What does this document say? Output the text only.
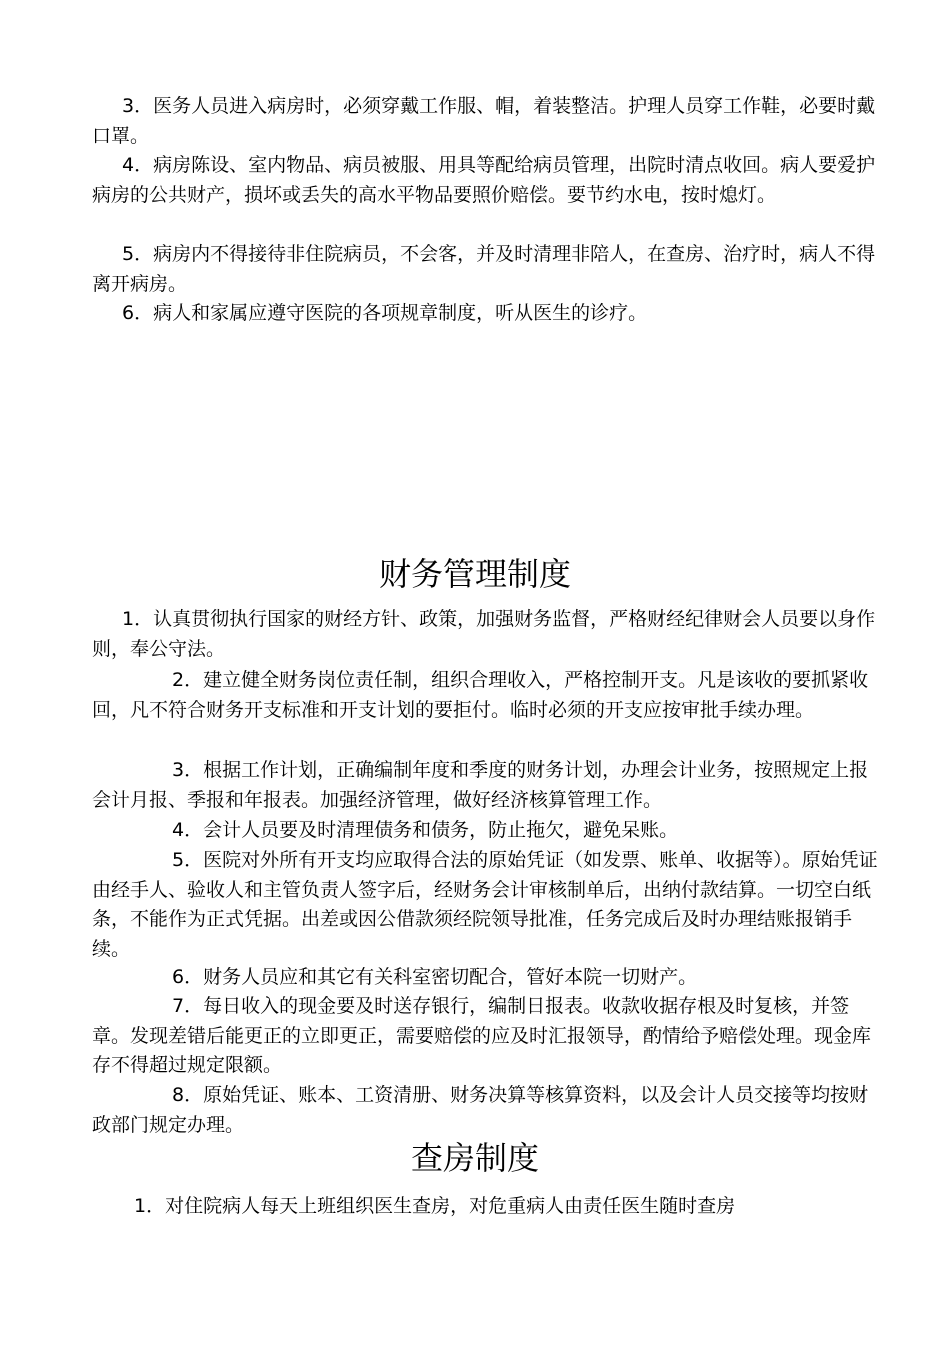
3．医务人员进入病房时，必须穿戴工作服、帽，着装整洁。护理人员穿工作鞋，必要时戴口罩。

4．病房陈设、室内物品、病员被服、用具等配给病员管理，出院时清点收回。病人要爱护病房的公共财产，损坏或丢失的高水平物品要照价赔偿。要节约水电，按时熄灯。

5．病房内不得接待非住院病员，不会客，并及时清理非陪人，在查房、治疗时，病人不得离开病房。

6．病人和家属应遵守医院的各项规章制度，听从医生的诊疗。

财务管理制度

1．认真贯彻执行国家的财经方针、政策，加强财务监督，严格财经纪律财会人员要以身作则，奉公守法。

2．建立健全财务岗位责任制，组织合理收入，严格控制开支。凡是该收的要抓紧收回，凡不符合财务开支标准和开支计划的要拒付。临时必须的开支应按审批手续办理。

3．根据工作计划，正确编制年度和季度的财务计划，办理会计业务，按照规定上报会计月报、季报和年报表。加强经济管理，做好经济核算管理工作。

4．会计人员要及时清理债务和债务，防止拖欠，避免呆账。

5．医院对外所有开支均应取得合法的原始凭证（如发票、账单、收据等）。原始凭证由经手人、验收人和主管负责人签字后，经财务会计审核制单后，出纳付款结算。一切空白纸条，不能作为正式凭据。出差或因公借款须经院领导批准，任务完成后及时办理结账报销手续。

6．财务人员应和其它有关科室密切配合，管好本院一切财产。

7．每日收入的现金要及时送存银行，编制日报表。收款收据存根及时复核，并签章。发现差错后能更正的立即更正，需要赔偿的应及时汇报领导，酌情给予赔偿处理。现金库存不得超过规定限额。

8．原始凭证、账本、工资清册、财务决算等核算资料，以及会计人员交接等均按财政部门规定办理。

查房制度

1．对住院病人每天上班组织医生查房，对危重病人由责任医生随时查房
